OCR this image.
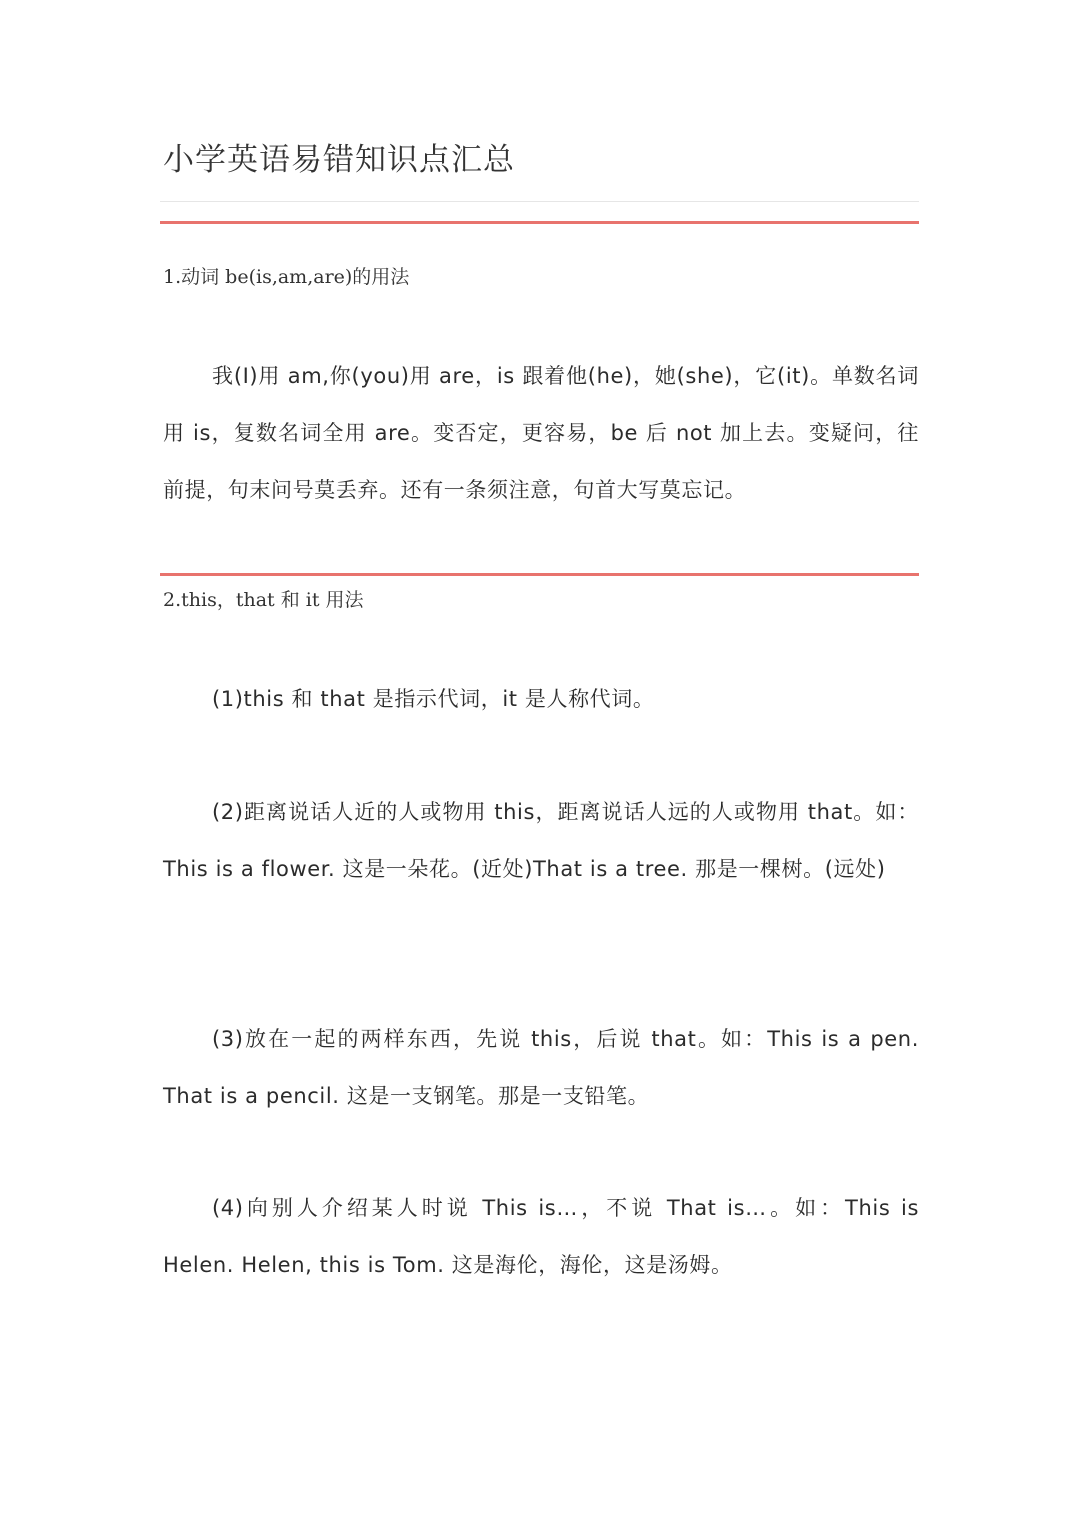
小学英语易错知识点汇总
1.动词 be(is,am,are)的用法
我(I)用 am,你(you)用 are，is 跟着他(he)，她(she)，它(it)。单数名词用 is，复数名词全用 are。变否定，更容易，be 后 not 加上去。变疑问，往前提，句末问号莫丢弃。还有一条须注意，句首大写莫忘记。
2.this，that 和 it 用法
(1)this 和 that 是指示代词，it 是人称代词。
(2)距离说话人近的人或物用 this，距离说话人远的人或物用 that。如： This is a flower. 这是一朵花。(近处)That is a tree. 那是一棵树。(远处)
(3)放在一起的两样东西，先说 this，后说 that。如：This is a pen. That is a pencil. 这是一支钢笔。那是一支铅笔。
(4)向别人介绍某人时说 This is…，不说 That is…。如：This is Helen. Helen, this is Tom. 这是海伦，海伦，这是汤姆。
